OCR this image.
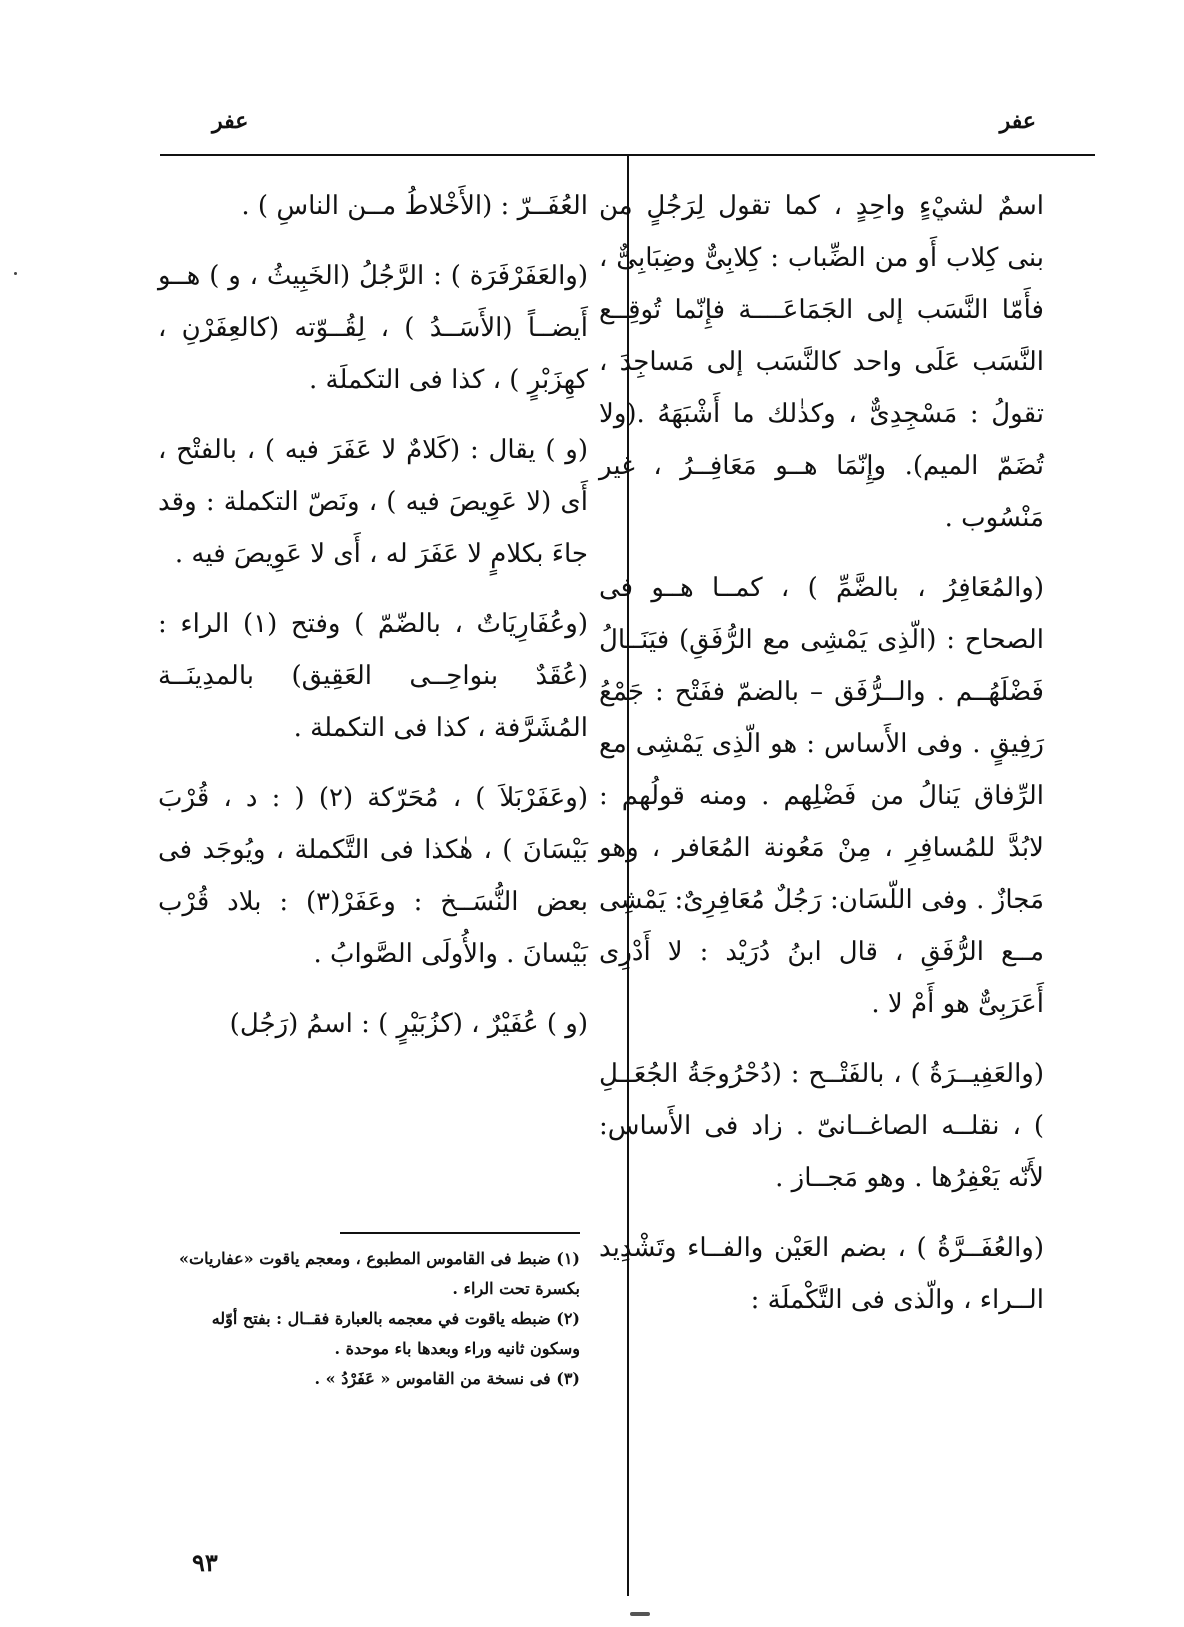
عفر
عفر

اسمٌ لشيْءٍ واحِدٍ ، كما تقول لِرَجُلٍ من بنى كِلاب أَو من الضِّباب : كِلابِىٌّ وضِبَابِىٌّ ، فأَمّا النَّسَب إلى الجَمَاعَــــة فإِنّما تُوقِــع النَّسَب عَلَى واحد كالنَّسَب إلى مَساجِدَ ، تقولُ : مَسْجِدِىٌّ ، وكذٰلك ما أَشْبَهَهُ .(ولا تُضَمّ الميم). وإِنّمَا هــو مَعَافِــرُ ، غير مَنْسُوب .

(والمُعَافِرُ ، بالضَّمِّ ) ، كمــا هــو فى الصحاح : (الّذِى يَمْشِى مع الرُّفَقِ) فيَنَــالُ فَضْلَهُــم . والــرُّفَق – بالضمّ ففَتْح : جَمْعُ رَفِيقٍ . وفى الأَساس : هو الّذِى يَمْشِى مع الرِّفاق يَنالُ من فَضْلِهم . ومنه قولُهم : لابُدَّ للمُسافِرِ ، مِنْ مَعُونة المُعَافر ، وهو مَجازٌ . وفى اللّسَان: رَجُلٌ مُعَافِرِىٌ: يَمْشِى مــع الرُّفَقِ ، قال ابنُ دُرَيْد : لا أَدْرِى أَعَرَبِىٌّ هو أَمْ لا .

(والعَفِيــرَةُ ) ، بالفَتْــح : (دُحْرُوجَةُ الجُعَــلِ ) ، نقلــه الصاغــانىّ . زاد فى الأَساس: لأَنّه يَعْفِرُها . وهو مَجــاز .

(والعُفَــرَّةُ ) ، بضم العَيْن والفــاء وتَشْدِيد الــراء ، والّذى فى التَّكْملَة :

العُفَــرّ : (الأَخْلاطُ مــن الناسِ ) .

(والعَفَرْفَرَة ) : الرَّجُلُ (الخَبِيثُ ، و ) هــو أَيضــاً (الأَسَــدُ ) ، لِقُــوّته (كالعِفَرْنِ ، كهِزَبْرٍ ) ، كذا فى التكملَة .

(و ) يقال : (كَلامٌ لا عَفَرَ فيه ) ، بالفتْح ، أَى (لا عَوِيصَ فيه ) ، ونَصّ التكملة : وقد جاءَ بكلامٍ لا عَفَرَ له ، أَى لا عَوِيصَ فيه .

(وعُفَارِيَاتٌ ، بالضّمّ ) وفتح (١) الراء : (عُقَدٌ بنواحِــى العَقِيق) بالمدِينَــة المُشَرَّفة ، كذا فى التكملة .

(وعَفَرْبَلاَ ) ، مُحَرّكة (٢) ( : د ، قُرْبَ بَيْسَانَ ) ، هٰكذا فى التَّكملة ، ويُوجَد فى بعض النُّسَــخ : وعَفَرْ(٣) : بلاد قُرْب بَيْسانَ . والأُولَى الصَّوابُ .

(و ) عُفَيْرٌ ، (كزُبَيْرٍ ) : اسمُ (رَجُل)

(١) ضبط فى القاموس المطبوع ، ومعجم ياقوت «عفاريات» بكسرة تحت الراء .

(٢) ضبطه ياقوت في معجمه بالعبارة فقــال : بفتح أوّله وسكون ثانيه وراء وبعدها باء موحدة .

(٣) فى نسخة من القاموس « عَفَرْدُ » .

٩٣
